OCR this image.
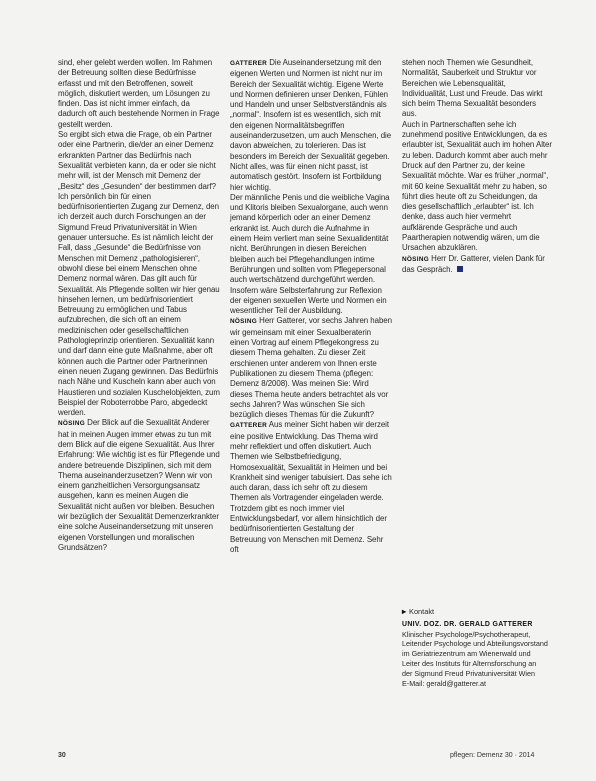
sind, eher gelebt werden wollen. Im Rahmen der Betreuung sollten diese Bedürfnisse erfasst und mit den Betroffenen, soweit möglich, diskutiert werden, um Lösungen zu finden. Das ist nicht immer einfach, da dadurch oft auch bestehende Normen in Frage gestellt werden.

So ergibt sich etwa die Frage, ob ein Partner oder eine Partnerin, die/der an einer Demenz erkrankten Partner das Bedürfnis nach Sexualität verbieten kann, da er oder sie nicht mehr will, ist der Mensch mit Demenz der „Besitz“ des „Gesunden“ der bestimmen darf? Ich persönlich bin für einen bedürfnisorientierten Zugang zur Demenz, den ich derzeit auch durch Forschungen an der Sigmund Freud Privatuniversität in Wien genauer untersuche. Es ist nämlich leicht der Fall, dass „Gesunde“ die Bedürfnisse von Menschen mit Demenz „pathologisieren“, obwohl diese bei einem Menschen ohne Demenz normal wären. Das gilt auch für Sexualität. Als Pflegende sollten wir hier genau hinsehen lernen, um bedürfnisorientiert Betreuung zu ermöglichen und Tabus aufzubrechen, die sich oft an einem medizinischen oder gesellschaftlichen Pathologieprinzip orientieren. Sexualität kann und darf dann eine gute Maßnahme, aber oft können auch die Partner oder Partnerinnen einen neuen Zugang gewinnen. Das Bedürfnis nach Nähe und Kuscheln kann aber auch von Haustieren und sozialen Kuschelobjekten, zum Beispiel der Roboterrobbe Paro, abgedeckt werden.

NÖSING Der Blick auf die Sexualität Anderer hat in meinen Augen immer etwas zu tun mit dem Blick auf die eigene Sexualität. Aus Ihrer Erfahrung: Wie wichtig ist es für Pflegende und andere betreuende Disziplinen, sich mit dem Thema auseinanderzusetzen? Wenn wir von einem ganzheitlichen Versorgungsansatz ausgehen, kann es meinen Augen die Sexualität nicht außen vor bleiben. Besuchen wir bezüglich der Sexualität Demenzerkrankter eine solche Auseinandersetzung mit unseren eigenen Vorstellungen und moralischen Grundsätzen?

GATTERER Die Auseinandersetzung mit den eigenen Werten und Normen ist nicht nur im Bereich der Sexualität wichtig. Eigene Werte und Normen definieren unser Denken, Fühlen und Handeln und unser Selbstverständnis als „normal“. Insofern ist es wesentlich, sich mit den eigenen Normalitätsbegriffen auseinanderzusetzen, um auch Menschen, die davon abweichen, zu tolerieren. Das ist besonders im Bereich der Sexualität gegeben. Nicht alles, was für einen nicht passt, ist automatisch gestört. Insofern ist Fortbildung hier wichtig.

Der männliche Penis und die weibliche Vagina und Klitoris bleiben Sexualorgane, auch wenn jemand körperlich oder an einer Demenz erkrankt ist. Auch durch die Aufnahme in einem Heim verliert man seine Sexualidentität nicht. Berührungen in diesen Bereichen bleiben auch bei Pflegehandlungen intime Berührungen und sollten vom Pflegepersonal auch wertschätzend durchgeführt werden. Insofern wäre Selbsterfahrung zur Reflexion der eigenen sexuellen Werte und Normen ein wesentlicher Teil der Ausbildung.

NÖSING Herr Gatterer, vor sechs Jahren haben wir gemeinsam mit einer Sexualberaterin einen Vortrag auf einem Pflegekongress zu diesem Thema gehalten. Zu dieser Zeit erschienen unter anderem von Ihnen erste Publikationen zu diesem Thema (pflegen: Demenz 8/2008). Was meinen Sie: Wird dieses Thema heute anders betrachtet als vor sechs Jahren? Was wünschen Sie sich bezüglich dieses Themas für die Zukunft?

GATTERER Aus meiner Sicht haben wir derzeit eine positive Entwicklung. Das Thema wird mehr reflektiert und offen diskutiert. Auch Themen wie Selbstbefriedigung, Homosexualität, Sexualität in Heimen und bei Krankheit sind weniger tabuisiert. Das sehe ich auch daran, dass ich sehr oft zu diesem Themen als Vortragender eingeladen werde. Trotzdem gibt es noch immer viel Entwicklungsbedarf, vor allem hinsichtlich der bedürfnisorientierten Gestaltung der Betreuung von Menschen mit Demenz. Sehr oft

stehen noch Themen wie Gesundheit, Normalität, Sauberkeit und Struktur vor Bereichen wie Lebensqualität, Individualität, Lust und Freude. Das wirkt sich beim Thema Sexualität besonders aus.

Auch in Partnerschaften sehe ich zunehmend positive Entwicklungen, da es erlaubter ist, Sexualität auch im hohen Alter zu leben. Dadurch kommt aber auch mehr Druck auf den Partner zu, der keine Sexualität möchte. War es früher „normal“, mit 60 keine Sexualität mehr zu haben, so führt dies heute oft zu Scheidungen, da dies gesellschaftlich „erlaubter“ ist. Ich denke, dass auch hier vermehrt aufklärende Gespräche und auch Paartherapien notwendig wären, um die Ursachen abzuklären.

NÖSING Herr Dr. Gatterer, vielen Dank für das Gespräch.

▸ Kontakt
UNIV. DOZ. DR. GERALD GATTERER
Klinischer Psychologe/Psychotherapeut,
Leitender Psychologe und Abteilungsvorstand
im Geriatriezentrum am Wienerwald und
Leiter des Instituts für Alternsforschung an
der Sigmund Freud Privatuniversität Wien
E-Mail: gerald@gatterer.at
30	pflegen: Demenz 30 · 2014
